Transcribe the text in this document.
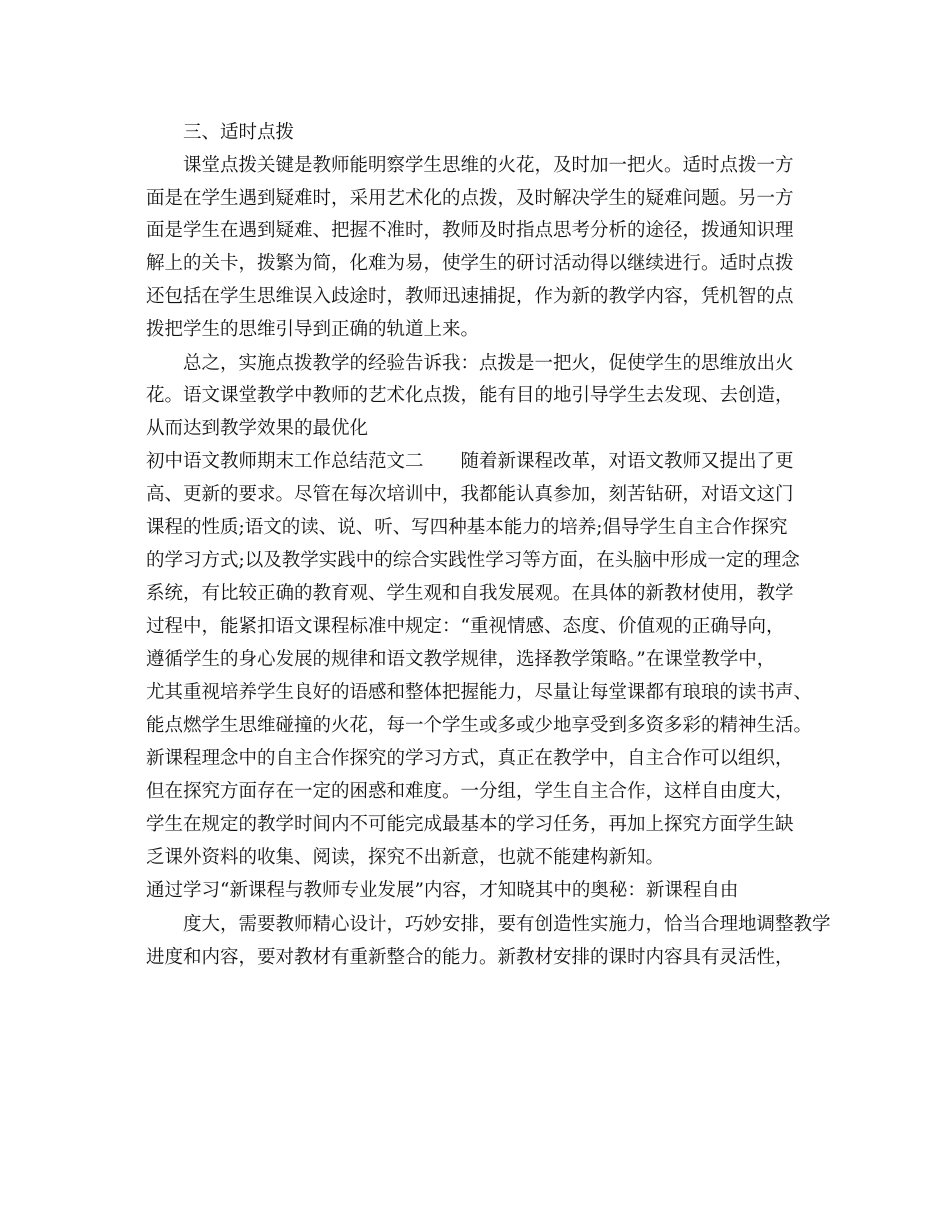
三、适时点拨
课堂点拨关键是教师能明察学生思维的火花，及时加一把火。适时点拨一方
面是在学生遇到疑难时，采用艺术化的点拨，及时解决学生的疑难问题。另一方
面是学生在遇到疑难、把握不准时，教师及时指点思考分析的途径，拨通知识理
解上的关卡，拨繁为简，化难为易，使学生的研讨活动得以继续进行。适时点拨
还包括在学生思维误入歧途时，教师迅速捕捉，作为新的教学内容，凭机智的点
拨把学生的思维引导到正确的轨道上来。
总之，实施点拨教学的经验告诉我：点拨是一把火，促使学生的思维放出火
花。语文课堂教学中教师的艺术化点拨，能有目的地引导学生去发现、去创造，
从而达到教学效果的最优化
初中语文教师期末工作总结范文二　　随着新课程改革，对语文教师又提出了更
高、更新的要求。尽管在每次培训中，我都能认真参加，刻苦钻研，对语文这门
课程的性质;语文的读、说、听、写四种基本能力的培养;倡导学生自主合作探究
的学习方式;以及教学实践中的综合实践性学习等方面，在头脑中形成一定的理念
系统，有比较正确的教育观、学生观和自我发展观。在具体的新教材使用，教学
过程中，能紧扣语文课程标准中规定：“重视情感、态度、价值观的正确导向，
遵循学生的身心发展的规律和语文教学规律，选择教学策略。”在课堂教学中，
尤其重视培养学生良好的语感和整体把握能力，尽量让每堂课都有琅琅的读书声、
能点燃学生思维碰撞的火花，每一个学生或多或少地享受到多资多彩的精神生活。
新课程理念中的自主合作探究的学习方式，真正在教学中，自主合作可以组织，
但在探究方面存在一定的困惑和难度。一分组，学生自主合作，这样自由度大，
学生在规定的教学时间内不可能完成最基本的学习任务，再加上探究方面学生缺
乏课外资料的收集、阅读，探究不出新意，也就不能建构新知。
通过学习“新课程与教师专业发展”内容，才知晓其中的奥秘：新课程自由
度大，需要教师精心设计，巧妙安排，要有创造性实施力，恰当合理地调整教学
进度和内容，要对教材有重新整合的能力。新教材安排的课时内容具有灵活性，
